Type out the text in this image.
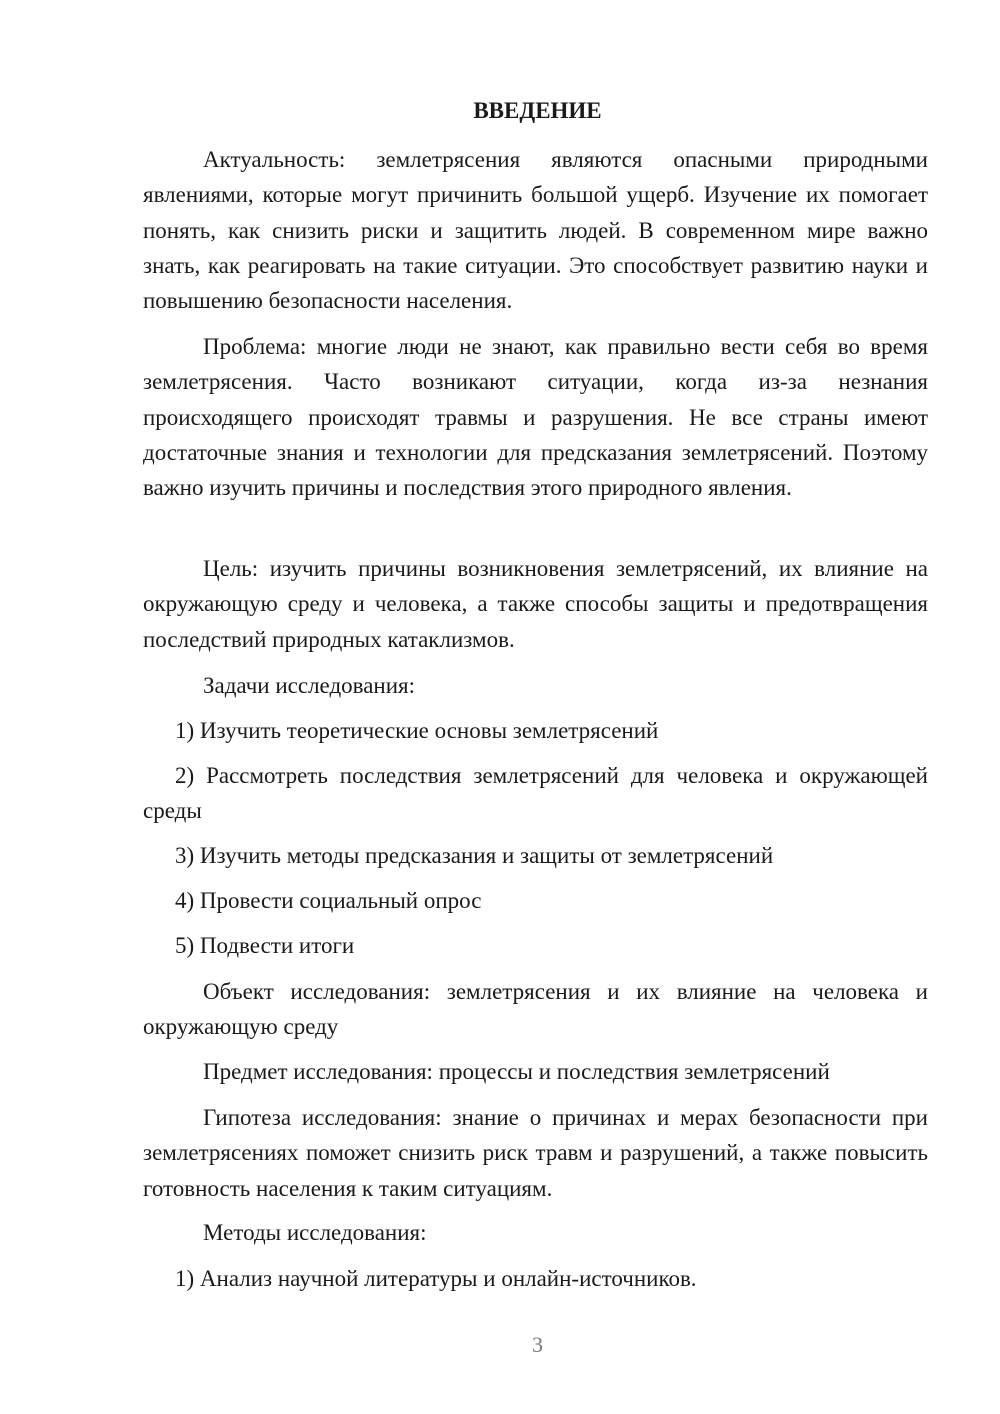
ВВЕДЕНИЕ
Актуальность: землетрясения являются опасными природными явлениями, которые могут причинить большой ущерб. Изучение их помогает понять, как снизить риски и защитить людей. В современном мире важно знать, как реагировать на такие ситуации. Это способствует развитию науки и повышению безопасности населения.
Проблема: многие люди не знают, как правильно вести себя во время землетрясения. Часто возникают ситуации, когда из-за незнания происходящего происходят травмы и разрушения. Не все страны имеют достаточные знания и технологии для предсказания землетрясений. Поэтому важно изучить причины и последствия этого природного явления.
Цель: изучить причины возникновения землетрясений, их влияние на окружающую среду и человека, а также способы защиты и предотвращения последствий природных катаклизмов.
Задачи исследования:
1) Изучить теоретические основы землетрясений
2) Рассмотреть последствия землетрясений для человека и окружающей среды
3) Изучить методы предсказания и защиты от землетрясений
4) Провести социальный опрос
5) Подвести итоги
Объект исследования: землетрясения и их влияние на человека и окружающую среду
Предмет исследования: процессы и последствия землетрясений
Гипотеза исследования: знание о причинах и мерах безопасности при землетрясениях поможет снизить риск травм и разрушений, а также повысить готовность населения к таким ситуациям.
Методы исследования:
1) Анализ научной литературы и онлайн-источников.
3
